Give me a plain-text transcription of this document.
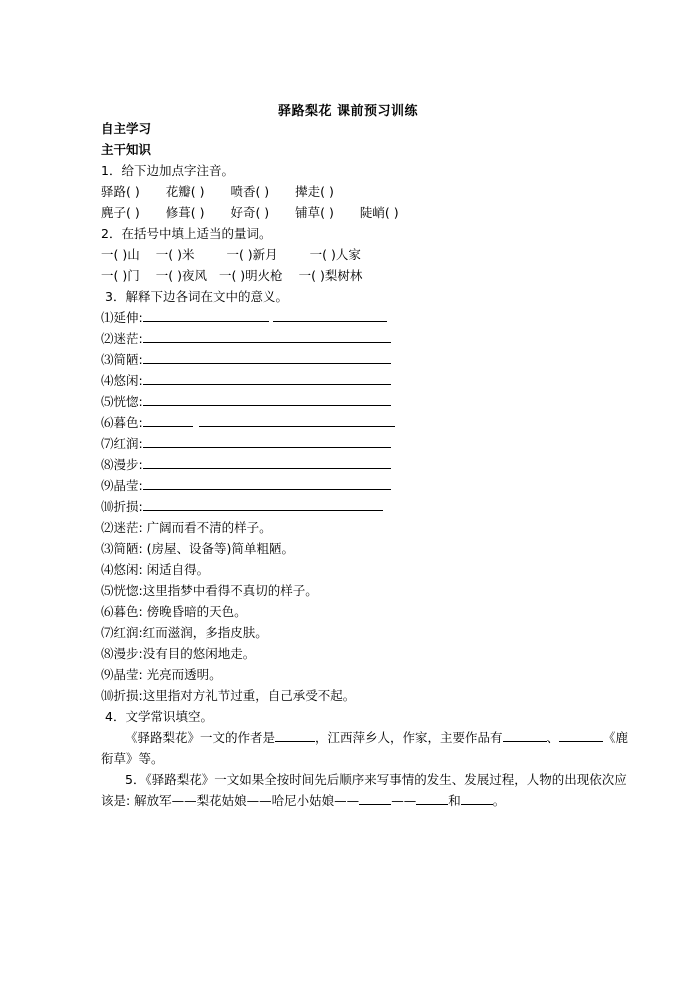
驿路梨花 课前预习训练
自主学习
主干知识
1．给下边加点字注音。
驿路( ) 花瓣( ) 喷香( ) 撵走( )
麂子( ) 修葺( ) 好奇( ) 铺草( ) 陡峭( )
2．在括号中填上适当的量词。
一( )山 一( )米	一( )新月	一( )人家
一( )门 一( )夜风 一( )明火枪 一( )梨树林
3．解释下边各词在文中的意义。
⑴延伸:
⑵迷茫:
⑶简陋:
⑷悠闲:
⑸恍惚:
⑹暮色:
⑺红润:
⑻漫步:
⑼晶莹:
⑽折损:
⑵迷茫: 广阔而看不清的样子。
⑶简陋: (房屋、设备等)简单粗陋。
⑷悠闲: 闲适自得。
⑸恍惚:这里指梦中看得不真切的样子。
⑹暮色: 傍晚昏暗的天色。
⑺红润:红而滋润，多指皮肤。
⑻漫步:没有目的悠闲地走。
⑼晶莹: 光亮而透明。
⑽折损:这里指对方礼节过重，自己承受不起。
4．文学常识填空。
《驿路梨花》一文的作者是	，江西萍乡人，作家，主要作品有	、	《鹿衔草》等。
5．《驿路梨花》一文如果全按时间先后顺序来写事情的发生、发展过程，人物的出现依次应该是: 解放军——梨花姑娘——哈尼小姑娘——	——	和	。
